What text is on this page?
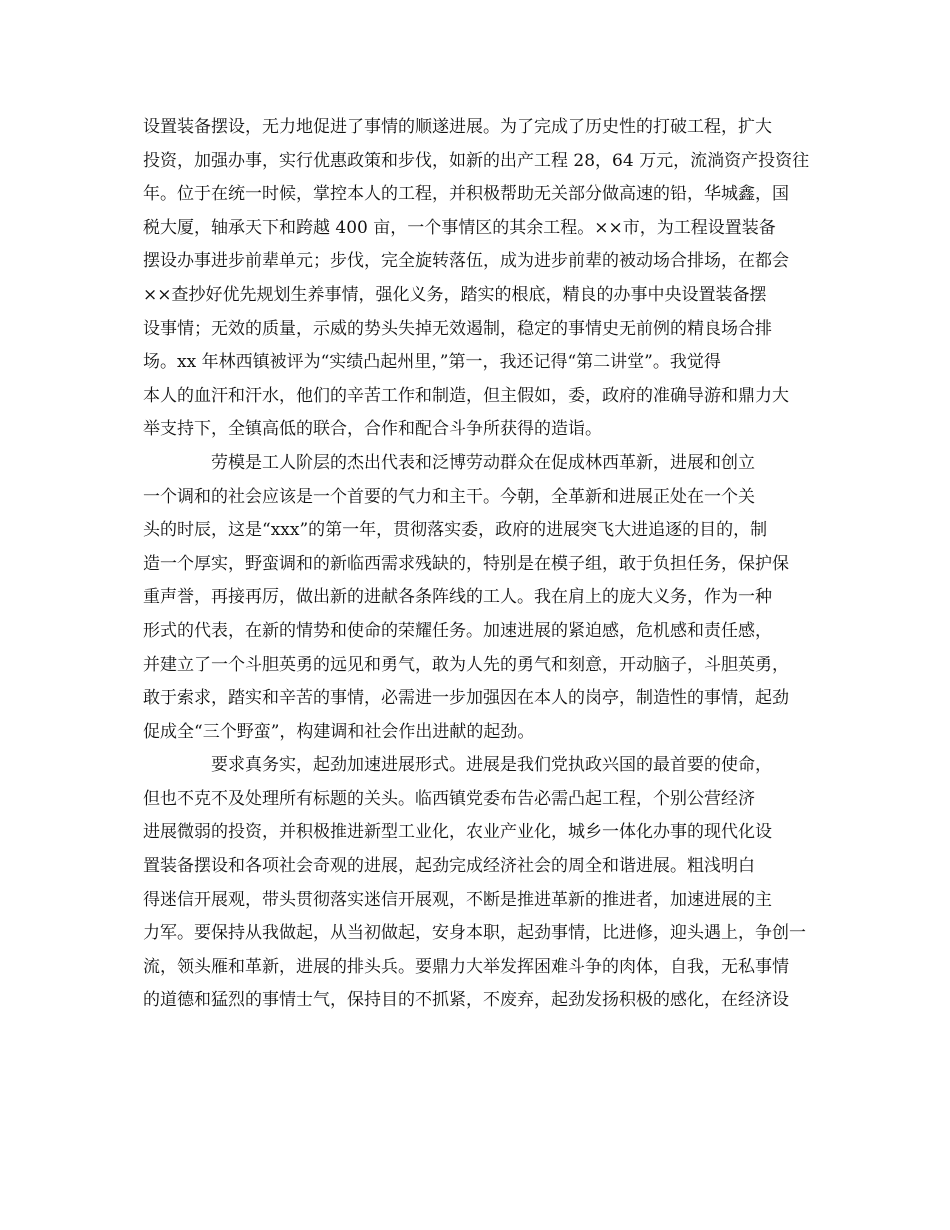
设置装备摆设，无力地促进了事情的顺遂进展。为了完成了历史性的打破工程，扩大
投资，加强办事，实行优惠政策和步伐，如新的出产工程 28，64 万元，流淌资产投资往
年。位于在统一时候，掌控本人的工程，并积极帮助无关部分做高速的铅，华城鑫，国
税大厦，轴承天下和跨越 400 亩，一个事情区的其余工程。××市，为工程设置装备
摆设办事进步前辈单元；步伐，完全旋转落伍，成为进步前辈的被动场合排场，在都会
××查抄好优先规划生养事情，强化义务，踏实的根底，精良的办事中央设置装备摆
设事情；无效的质量，示威的势头失掉无效遏制，稳定的事情史无前例的精良场合排
场。xx 年林西镇被评为“实绩凸起州里，”第一，我还记得“第二讲堂”。我觉得
本人的血汗和汗水，他们的辛苦工作和制造，但主假如，委，政府的准确导游和鼎力大
举支持下，全镇高低的联合，合作和配合斗争所获得的造诣。
劳模是工人阶层的杰出代表和泛博劳动群众在促成林西革新，进展和创立
一个调和的社会应该是一个首要的气力和主干。今朝，全革新和进展正处在一个关
头的时辰，这是“xxx”的第一年，贯彻落实委，政府的进展突飞大进追逐的目的，制
造一个厚实，野蛮调和的新临西需求残缺的，特别是在模子组，敢于负担任务，保护保
重声誉，再接再厉，做出新的进献各条阵线的工人。我在肩上的庞大义务，作为一种
形式的代表，在新的情势和使命的荣耀任务。加速进展的紧迫感，危机感和责任感，
并建立了一个斗胆英勇的远见和勇气，敢为人先的勇气和刻意，开动脑子，斗胆英勇，
敢于索求，踏实和辛苦的事情，必需进一步加强因在本人的岗亭，制造性的事情，起劲
促成全“三个野蛮”，构建调和社会作出进献的起劲。
要求真务实，起劲加速进展形式。进展是我们党执政兴国的最首要的使命，
但也不克不及处理所有标题的关头。临西镇党委布告必需凸起工程，个别公营经济
进展微弱的投资，并积极推进新型工业化，农业产业化，城乡一体化办事的现代化设
置装备摆设和各项社会奇观的进展，起劲完成经济社会的周全和谐进展。粗浅明白
得迷信开展观，带头贯彻落实迷信开展观，不断是推进革新的推进者，加速进展的主
力军。要保持从我做起，从当初做起，安身本职，起劲事情，比进修，迎头遇上，争创一
流，领头雁和革新，进展的排头兵。要鼎力大举发挥困难斗争的肉体，自我，无私事情
的道德和猛烈的事情士气，保持目的不抓紧，不废弃，起劲发扬积极的感化，在经济设
